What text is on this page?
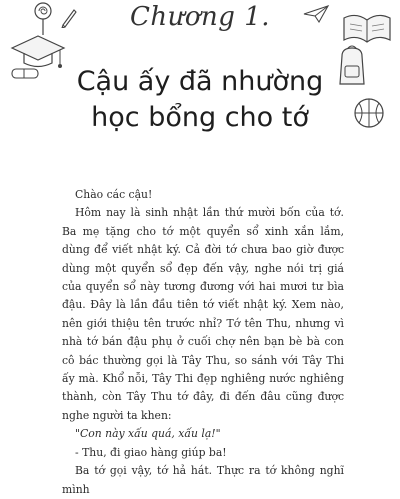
Chương 1.
Cậu ấy đã nhường
học bổng cho tớ

Chào các cậu!

Hôm nay là sinh nhật lần thứ mười bốn của tớ. Ba mẹ tặng cho tớ một quyển sổ xinh xắn lắm, dùng để viết nhật ký. Cả đời tớ chưa bao giờ được dùng một quyển sổ đẹp đến vậy, nghe nói trị giá của quyển sổ này tương đương với hai mươi tư bìa đậu. Đây là lần đầu tiên tớ viết nhật ký. Xem nào, nên giới thiệu tên trước nhỉ? Tớ tên Thu, nhưng vì nhà tớ bán đậu phụ ở cuối chợ nên bạn bè bà con cô bác thường gọi là Tây Thu, so sánh với Tây Thi ấy mà. Khổ nỗi, Tây Thi đẹp nghiêng nước nghiêng thành, còn Tây Thu tớ đây, đi đến đâu cũng được nghe người ta khen:

"Con này xấu quá, xấu lạ!"

- Thu, đi giao hàng giúp ba!

Ba tớ gọi vậy, tớ hả hát. Thực ra tớ không nghĩ mình
